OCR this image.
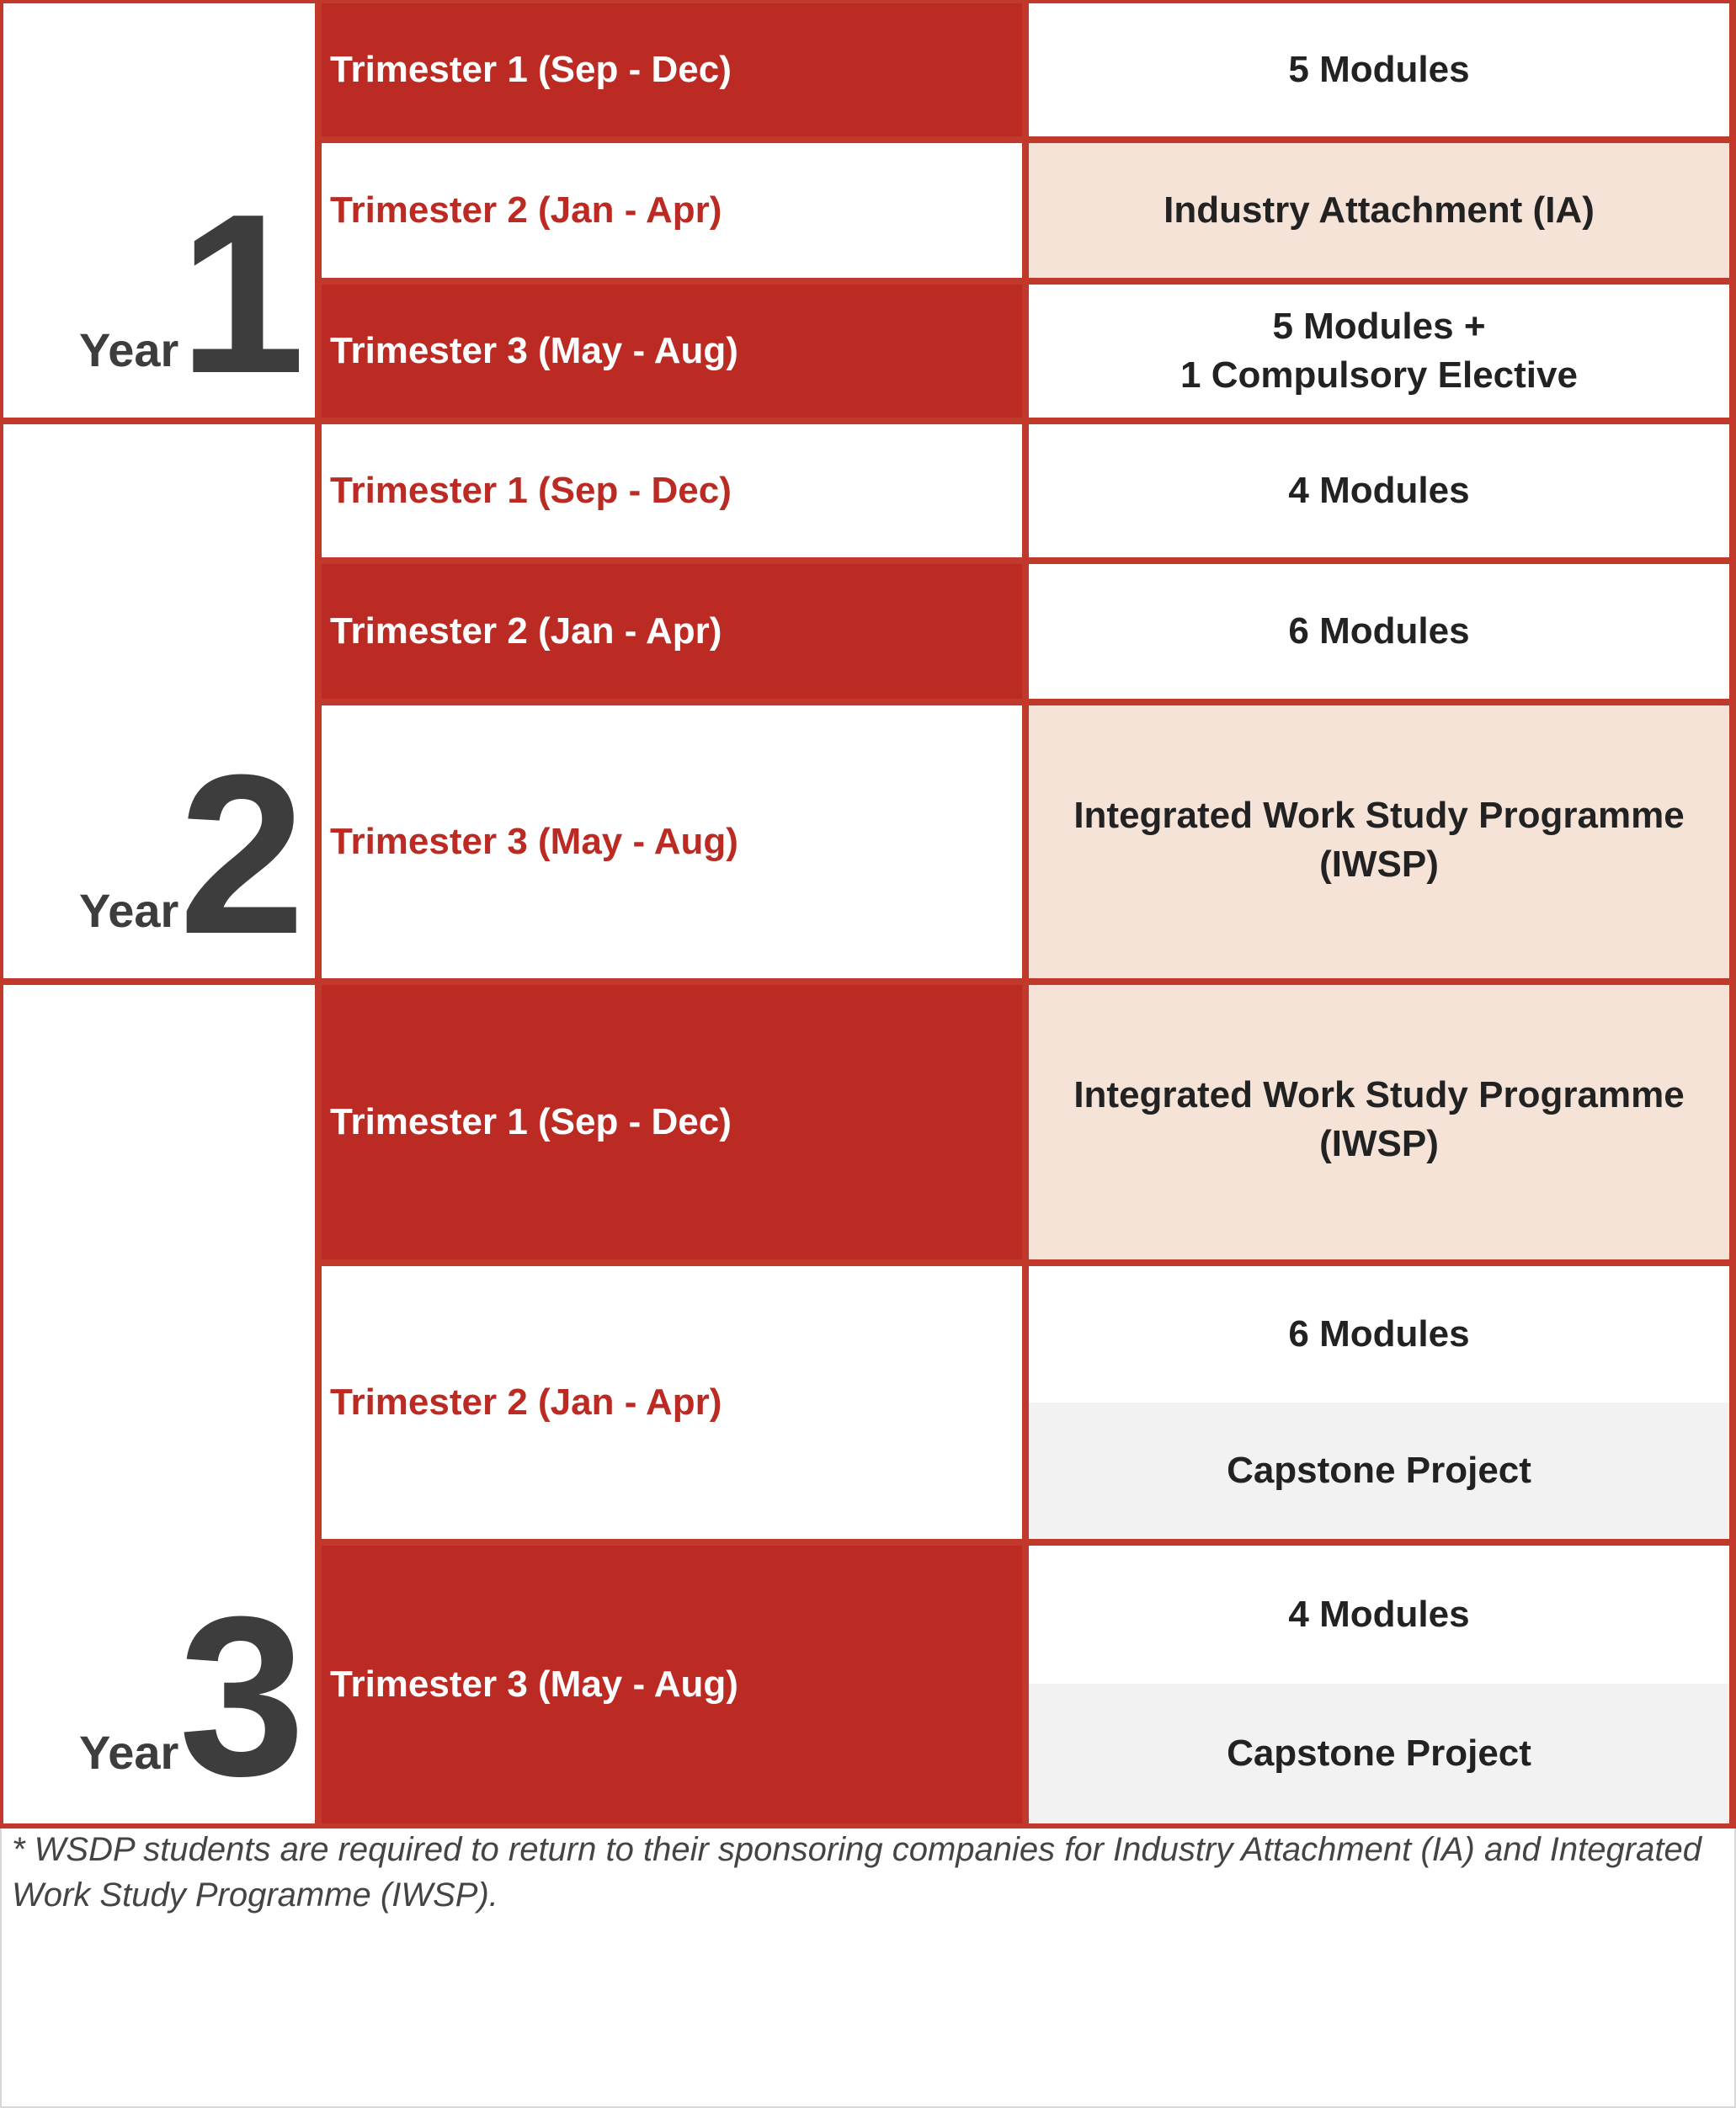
Year 1
Year 2
Year 3
Trimester 1 (Sep - Dec)
Trimester 2 (Jan - Apr)
Trimester 3 (May - Aug)
Trimester 1 (Sep - Dec)
Trimester 2 (Jan - Apr)
Trimester 3 (May - Aug)
Trimester 1 (Sep - Dec)
Trimester 2 (Jan - Apr)
Trimester 3 (May - Aug)
5 Modules
Industry Attachment (IA)
5 Modules +
1 Compulsory Elective
4 Modules
6 Modules
Integrated Work Study Programme
(IWSP)
Integrated Work Study Programme
(IWSP)
6 Modules
Capstone Project
4 Modules
Capstone Project
* WSDP students are required to return to their sponsoring companies for Industry Attachment (IA) and Integrated Work Study Programme (IWSP).
